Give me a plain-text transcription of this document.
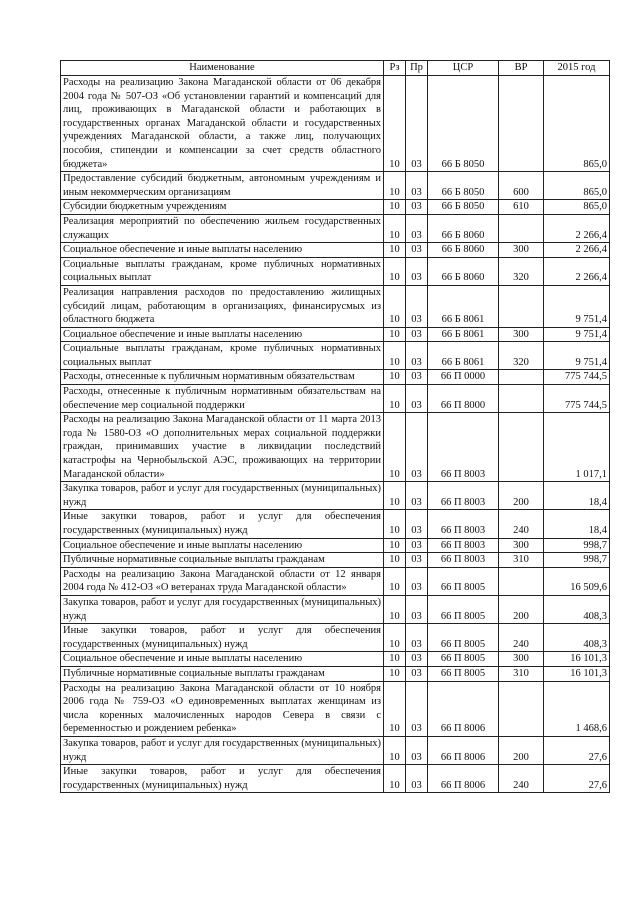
Наименование	Рз	Пр	ЦСР	ВР	2015 год
Расходы на реализацию Закона Магаданской области от 06 декабря 2004 года № 507-ОЗ «Об установлении гарантий и компенсаций для лиц, проживающих в Магаданской области и работающих в государственных органах Магаданской области и государственных учреждениях Магаданской области, а также лиц, получающих пособия, стипендии и компенсации за счет средств областного бюджета»	10	03	66 Б 8050		865,0
Предоставление субсидий бюджетным, автономным учреждениям и иным некоммерческим организациям	10	03	66 Б 8050	600	865,0
Субсидии бюджетным учреждениям	10	03	66 Б 8050	610	865,0
Реализация мероприятий по обеспечению жильем государственных служащих	10	03	66 Б 8060		2 266,4
Социальное обеспечение и иные выплаты населению	10	03	66 Б 8060	300	2 266,4
Социальные выплаты гражданам, кроме публичных нормативных социальных выплат	10	03	66 Б 8060	320	2 266,4
Реализация направления расходов по предоставлению жилищных субсидий лицам, работающим в организациях, финансирусмых из областного бюджета	10	03	66 Б 8061		9 751,4
Социальное обеспечение и иные выплаты населению	10	03	66 Б 8061	300	9 751,4
Социальные выплаты гражданам, кроме публичных нормативных социальных выплат	10	03	66 Б 8061	320	9 751,4
Расходы, отнесенные к публичным нормативным обязательствам	10	03	66 П 0000		775 744,5
Расходы, отнесенные к публичным нормативным обязательствам на обеспечение мер социальной поддержки	10	03	66 П 8000		775 744,5
Расходы на реализацию Закона Магаданской области от 11 марта 2013 года № 1580-ОЗ «О дополнительных мерах социальной поддержки граждан, принимавших участие в ликвидации последствий катастрофы на Чернобыльской АЭС, проживающих на территории Магаданской области»	10	03	66 П 8003		1 017,1
Закупка товаров, работ и услуг для государственных (муниципальных) нужд	10	03	66 П 8003	200	18,4
Иные закупки товаров, работ и услуг для обеспечения государственных (муниципальных) нужд	10	03	66 П 8003	240	18,4
Социальное обеспечение и иные выплаты населению	10	03	66 П 8003	300	998,7
Публичные нормативные социальные выплаты гражданам	10	03	66 П 8003	310	998,7
Расходы на реализацию Закона Магаданской области от 12 января 2004 года № 412-ОЗ «О ветеранах труда Магаданской области»	10	03	66 П 8005		16 509,6
Закупка товаров, работ и услуг для государственных (муниципальных) нужд	10	03	66 П 8005	200	408,3
Иные закупки товаров, работ и услуг для обеспечения государственных (муниципальных) нужд	10	03	66 П 8005	240	408,3
Социальное обеспечение и иные выплаты населению	10	03	66 П 8005	300	16 101,3
Публичные нормативные социальные выплаты гражданам	10	03	66 П 8005	310	16 101,3
Расходы на реализацию Закона Магаданской области от 10 ноября 2006 года № 759-ОЗ «О единовременных выплатах женщинам из числа коренных малочисленных народов Севера в связи с беременностью и рождением ребенка»	10	03	66 П 8006		1 468,6
Закупка товаров, работ и услуг для государственных (муниципальных) нужд	10	03	66 П 8006	200	27,6
Иные закупки товаров, работ и услуг для обеспечения государственных (муниципальных) нужд	10	03	66 П 8006	240	27,6
